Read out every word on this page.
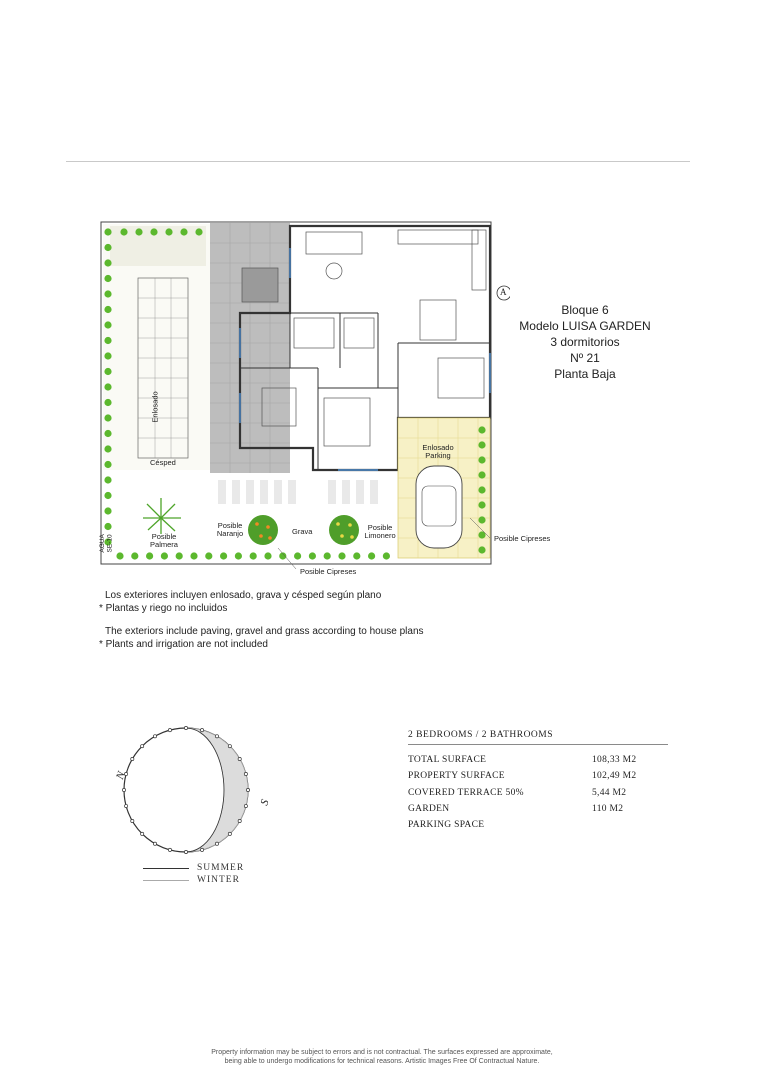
Enlosado
Césped
Grava
Enlosado Parking
Posible Palmera
Posible Naranjo
Posible Limonero	Posible Cipreses
Posible Cipreses
AGUA SE-10
A
Bloque 6
Modelo LUISA GARDEN
3 dormitorios
Nº 21
Planta Baja
Los exteriores incluyen enlosado, grava y césped según plano
* Plantas y riego no incluidos
The exteriors include paving, gravel and grass according to house plans
* Plants and irrigation are not included
N
S
SUMMER
WINTER
2 BEDROOMS / 2 BATHROOMS
TOTAL SURFACE	108,33 M2
PROPERTY SURFACE	102,49 M2
COVERED TERRACE 50%	5,44 M2
GARDEN	110 M2
PARKING SPACE
Property information may be subject to errors and is not contractual. The surfaces expressed are approximate,
being able to undergo modifications for technical reasons. Artistic Images Free Of Contractual Nature.
